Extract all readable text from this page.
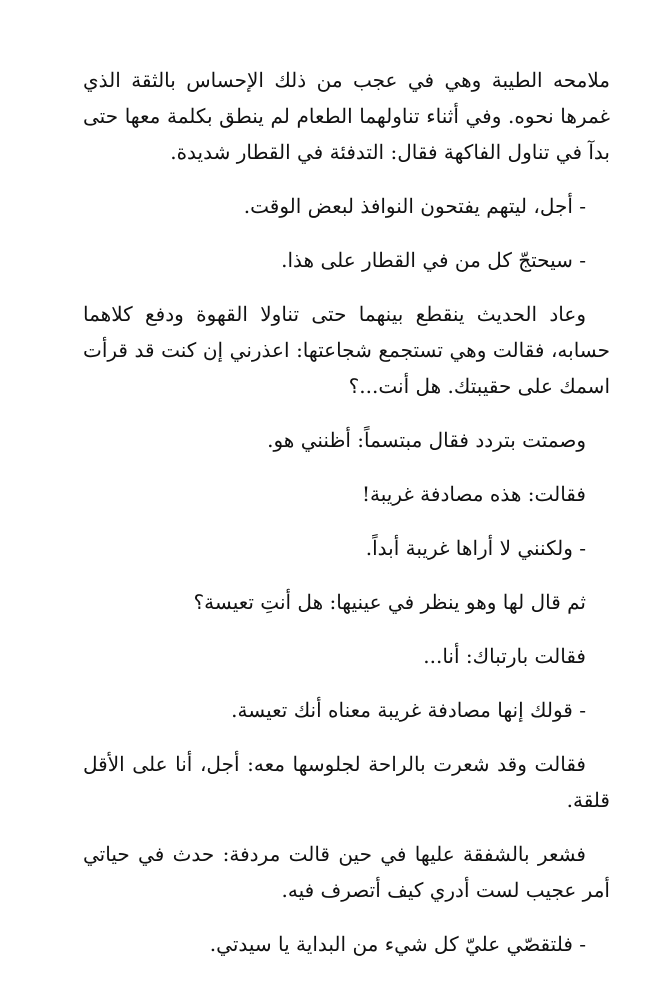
ملامحه الطيبة وهي في عجب من ذلك الإحساس بالثقة الذي غمرها نحوه. وفي أثناء تناولهما الطعام لم ينطق بكلمة معها حتى بدآ في تناول الفاكهة فقال: التدفئة في القطار شديدة.

- أجل، ليتهم يفتحون النوافذ لبعض الوقت.

- سيحتجّ كل من في القطار على هذا.

وعاد الحديث ينقطع بينهما حتى تناولا القهوة ودفع كلاهما حسابه، فقالت وهي تستجمع شجاعتها: اعذرني إن كنت قد قرأت اسمك على حقيبتك. هل أنت...؟

وصمتت بتردد فقال مبتسماً: أظنني هو.

فقالت: هذه مصادفة غريبة!

- ولكنني لا أراها غريبة أبداً.

ثم قال لها وهو ينظر في عينيها: هل أنتِ تعيسة؟

فقالت بارتباك: أنا...

- قولك إنها مصادفة غريبة معناه أنك تعيسة.

فقالت وقد شعرت بالراحة لجلوسها معه: أجل، أنا على الأقل قلقة.

فشعر بالشفقة عليها في حين قالت مردفة: حدث في حياتي أمر عجيب لست أدري كيف أتصرف فيه.

- فلتقصّي عليّ كل شيء من البداية يا سيدتي.
